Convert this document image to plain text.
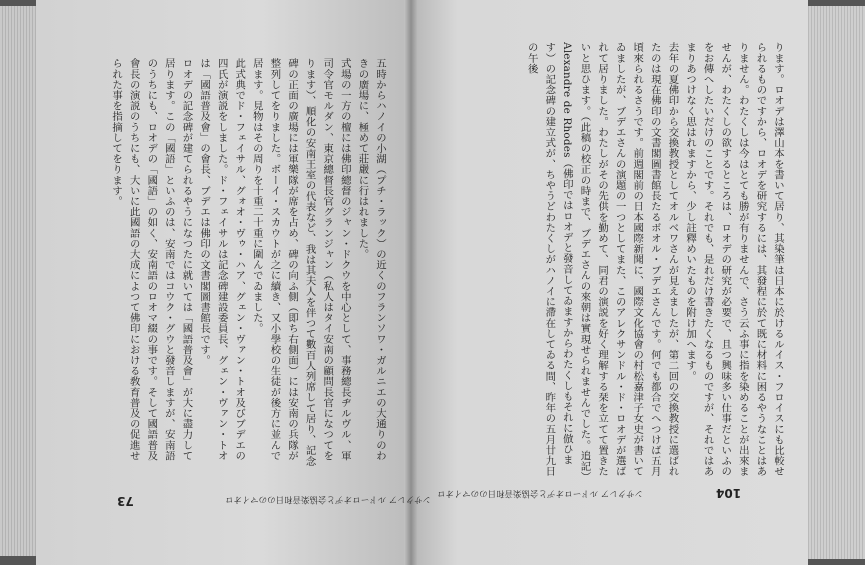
五時からハノイの小湖（プチ・ラック）の近くのフランソワ・ガルニエの大通りのわきの廣場に、極めて莊嚴に行はれました。

式場の一方の檀には佛印總督のジャン・ドクウを中心として、事務總長ヂルヴル、軍司令官モルダン、東京總督長官グランジャン（私人はタイ安南の顧問長官になつてをります）、順化の安南王室の代表など、我は其夫人を伴つて數百人列席して居り、記念碑の正面の廣場には軍樂隊が席を占め、碑の向ふ側（即ち右側面）には安南の兵隊が整列してをりました。ボーイ・スカウトが之に續き、又小學校の生徒が後方に並んで居ます。見物はその周りを十重二十重に圍んでゐました。

此式典でド・フェイサル、グォオ・ヴゥ・ハア、グェン・ヴァン・トオ及びブデエの四氏が演説をしました。ド・フェイサルは記念碑建設委員長、グェン・ヴァン・トオは「國語普及會」の會長、ブデエは佛印の文書閣圖書館長です。

ロオデの記念碑が建てられるやうになつたに就いては「國語普及會」が大に盡力して居ります。この「國語」といふのは、安南ではコウク・グウと發音しますが、安南語のうちにも、ロオデの「國語」の如く、安南語のロオマ綴の事です。そして國語普及會長の演説のうちにも、大いに此國語の大成によつて佛印における敎育普及の促進せられた事を指摘してをります。	ります。ロオデは澤山本を書いて居り、其染筆は日本に於けるルイス・フロイスにも比較せられるものですから、ロオデを研究するには、其發程に於て既に材料に困るやうなことはありません。わたくしは今はとても勝が有りませんで、さう云ふ事に指を染めることが出來ませんが、わたくしの欲するところは、ロオデの研究が必要で、且つ興味多い仕事だといふのをお傳へしたいだけのことです。それでも、是れだけ書きたくなるものですが、それではあまりあつけなく思はれますから、少し註釋めいたものを附け加へます。

去年の夏佛印から交換教授としてオルベワさんが見えましたが、第二回の交換教授に選ばれたのは現在佛印の文書閣圖書館長たるボオル・ブデエさんです。何でも都合でへつけば五月頃來られるさうです。前週閣前の日本國際新聞に、國際文化協會の村松嘉津子女史が書いてゐましたが、ブデエさんの演題の一つとしてまた、このアレクサンドル・ド・ロオデが選ばれて居りました。わたしがその先供を勤めて、同君の演説を好く理解する栞を立てて置きたいと思ひます。（此稿の校正の時まで、ブデエさんの來朝は實現せられませんでした。追記）

Alexandre de Rhodes（佛印ではロオデと發音してゐますからわたくしもそれに倣ひます）の記念碑の建立式が、ちやうどわたくしがハノイに滯在してゐる間、昨年の五月廿九日の午後

73	ンサクレア ルドーロオデと会協楽音和日ののマイオロ
ンサクレア ルドーロオデと会協楽音和日ののマイオロ	104
